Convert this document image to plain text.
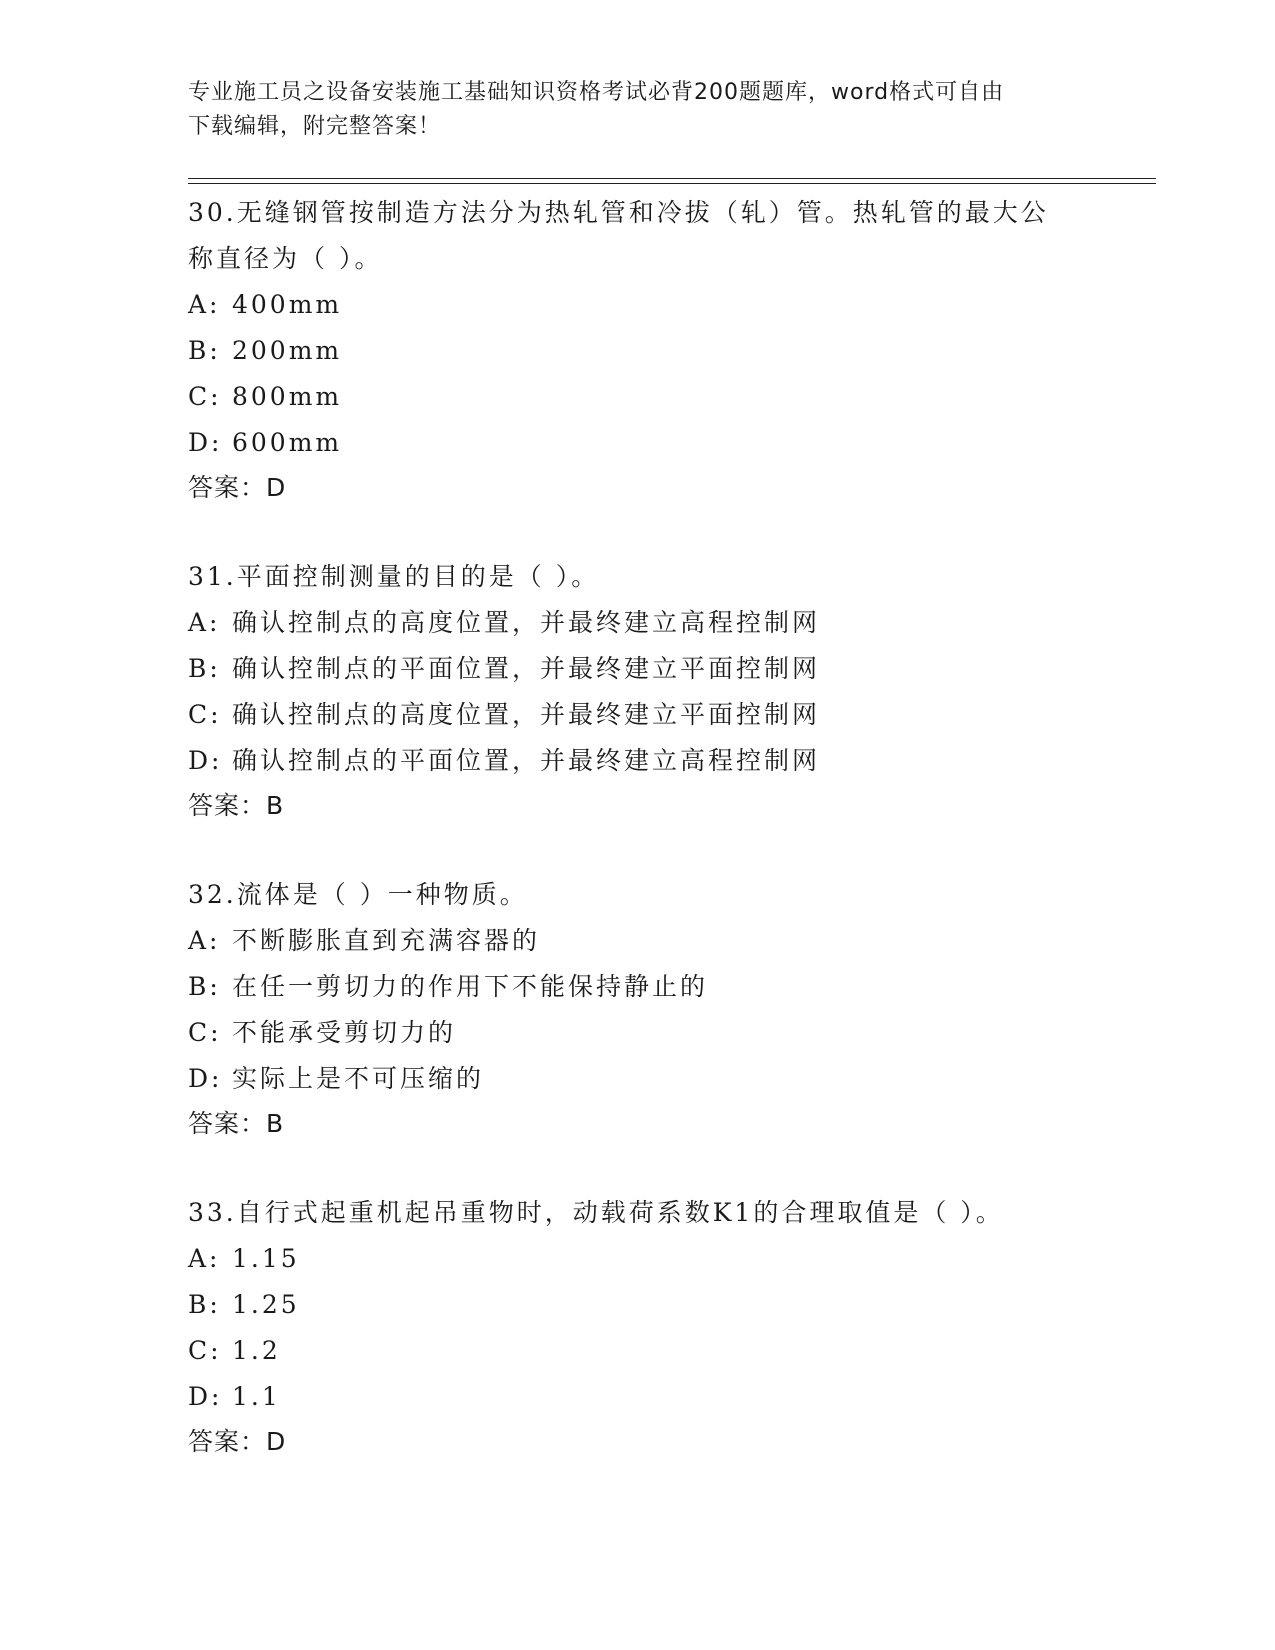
专业施工员之设备安装施工基础知识资格考试必背200题题库，word格式可自由
下载编辑，附完整答案！

30.无缝钢管按制造方法分为热轧管和冷拔（轧）管。热轧管的最大公

称直径为（ ）。

A: 400mm

B: 200mm

C: 800mm

D: 600mm

答案：D

31.平面控制测量的目的是（ ）。

A: 确认控制点的高度位置，并最终建立高程控制网

B: 确认控制点的平面位置，并最终建立平面控制网

C: 确认控制点的高度位置，并最终建立平面控制网

D: 确认控制点的平面位置，并最终建立高程控制网

答案：B

32.流体是（ ）一种物质。

A: 不断膨胀直到充满容器的

B: 在任一剪切力的作用下不能保持静止的

C: 不能承受剪切力的

D: 实际上是不可压缩的

答案：B

33.自行式起重机起吊重物时，动载荷系数K1的合理取值是（ ）。

A: 1.15

B: 1.25

C: 1.2

D: 1.1

答案：D
